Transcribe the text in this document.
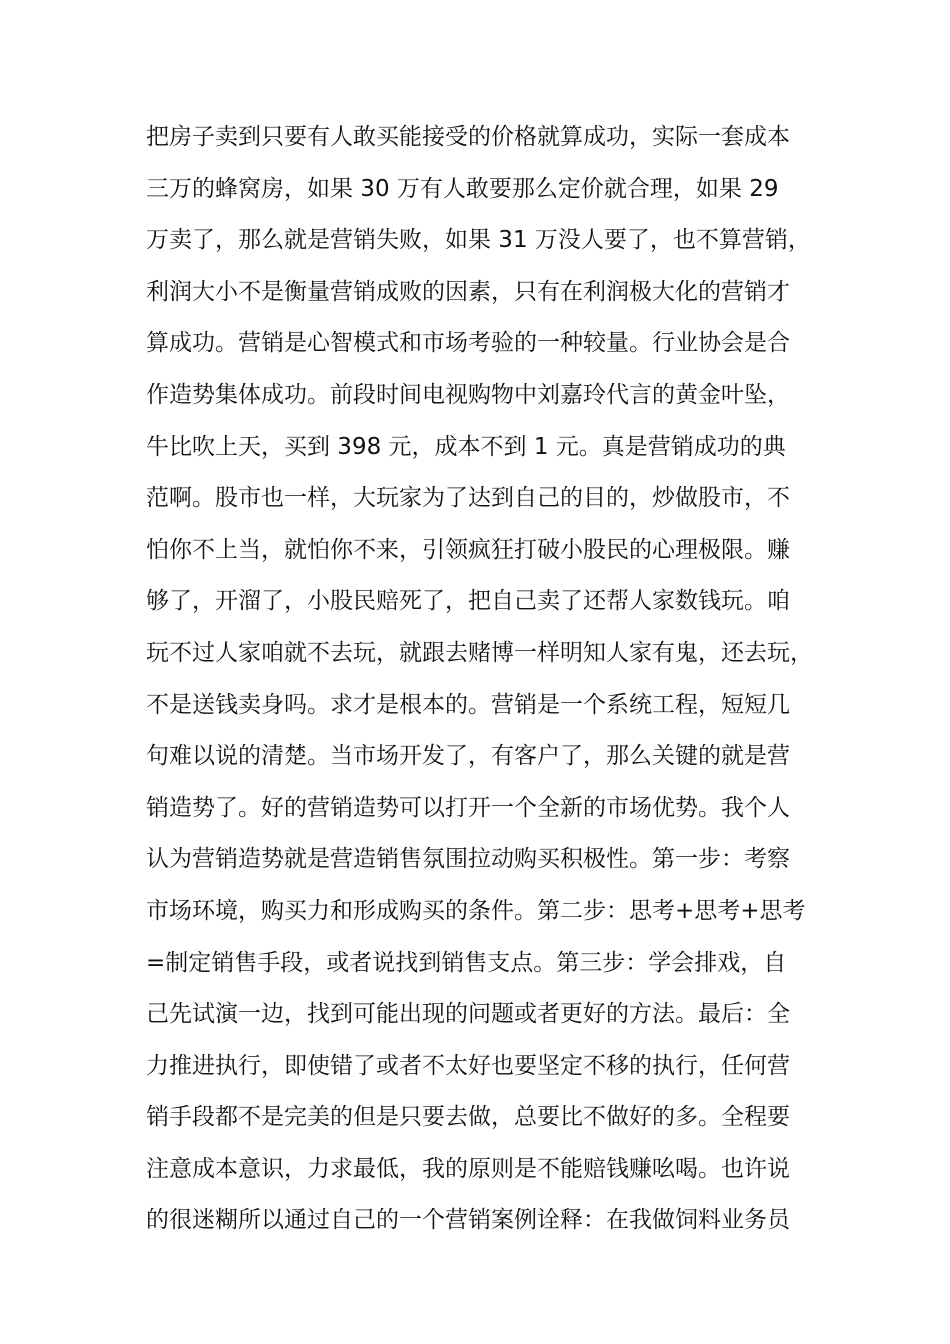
把房子卖到只要有人敢买能接受的价格就算成功，实际一套成本
三万的蜂窝房，如果 30 万有人敢要那么定价就合理，如果 29
万卖了，那么就是营销失败，如果 31 万没人要了，也不算营销，
利润大小不是衡量营销成败的因素，只有在利润极大化的营销才
算成功。营销是心智模式和市场考验的一种较量。行业协会是合
作造势集体成功。前段时间电视购物中刘嘉玲代言的黄金叶坠，
牛比吹上天，买到 398 元，成本不到 1 元。真是营销成功的典
范啊。股市也一样，大玩家为了达到自己的目的，炒做股市，不
怕你不上当，就怕你不来，引领疯狂打破小股民的心理极限。赚
够了，开溜了，小股民赔死了，把自己卖了还帮人家数钱玩。咱
玩不过人家咱就不去玩，就跟去赌博一样明知人家有鬼，还去玩，
不是送钱卖身吗。求才是根本的。营销是一个系统工程，短短几
句难以说的清楚。当市场开发了，有客户了，那么关键的就是营
销造势了。好的营销造势可以打开一个全新的市场优势。我个人
认为营销造势就是营造销售氛围拉动购买积极性。第一步：考察
市场环境，购买力和形成购买的条件。第二步：思考+思考+思考
=制定销售手段，或者说找到销售支点。第三步：学会排戏，自
己先试演一边，找到可能出现的问题或者更好的方法。最后：全
力推进执行，即使错了或者不太好也要坚定不移的执行，任何营
销手段都不是完美的但是只要去做，总要比不做好的多。全程要
注意成本意识，力求最低，我的原则是不能赔钱赚吆喝。也许说
的很迷糊所以通过自己的一个营销案例诠释：在我做饲料业务员
